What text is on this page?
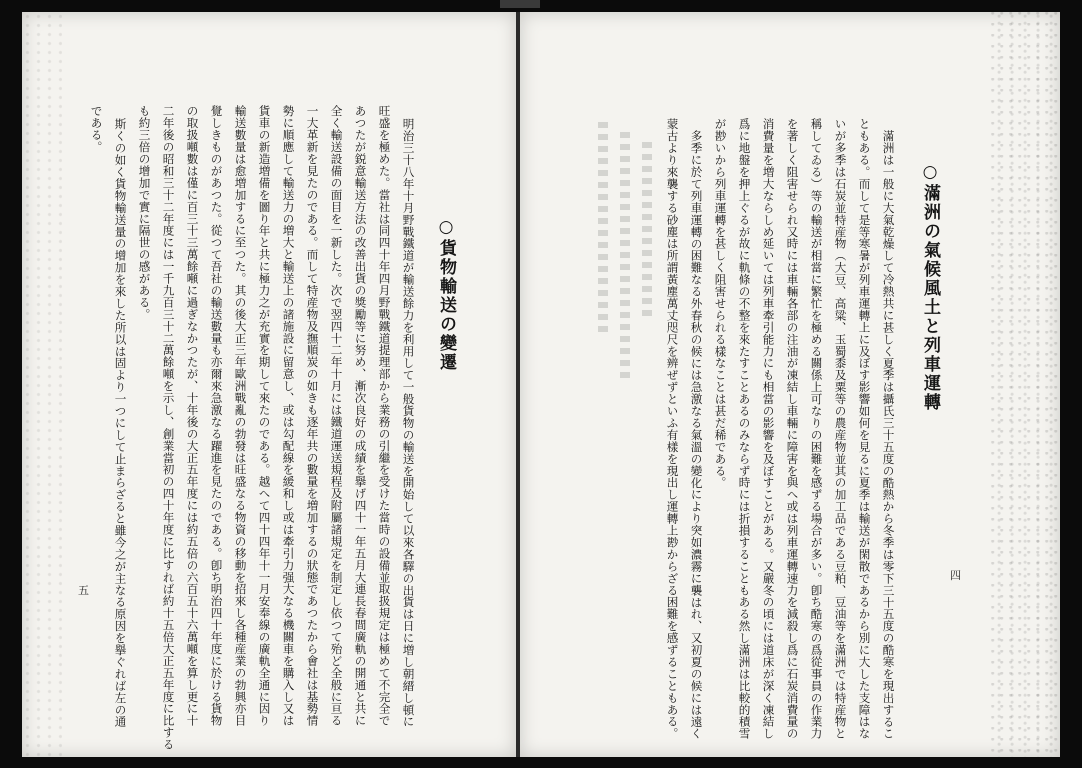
○貨物輸送の變遷
明治三十八年十月野戰鐵道が輸送餘力を利用して一般貨物の輸送を開始して以來各驛の出貨は日に増し朝縉し頓に
旺盛を極めた。當社は同四十年四月野戰鐵道提理部から業務の引繼を受けた當時の設備並取扱規定は極めて不完全で
あつたが鋭意輸送方法の改善出貨の獎勵等に努め、漸次良好の成績を擧げ四十一年五月大連長春間廣軌の開通と共に
全く輸送設備の面目を一新した。次で翌四十二年十月には鐵道運送規程及附屬諸規定を制定し依つて殆ど全般に亘る
一大革新を見たのである。而して特産物及撫順炭の如きも逐年共の數量を増加するの狀態であつたから會社は基勢情
勢に順應して輸送力の増大と輸送上の諸施設に留意し、或は勾配線を緩和し或は牽引力强大なる機關車を購入し又は
貨車の新造増備を圖り年と共に極力之が充實を期して來たのである。越へて四十四年十一月安奉線の廣軌全通に因り
輸送數量は愈増加するに至つた。其の後大正三年歐洲戰亂の勃發は旺盛なる物資の移動を招來し各種産業の勃興亦目
覺しきものがあつた。從つて吾社の輸送數量も亦爾來急激なる躍進を見たのである。卽ち明治四十年度に於ける貨物
の取扱噸數は僅に百三十三萬餘噸に過ぎなかつたが、十年後の大正五年度には約五倍の六百五十六萬噸を算し更に十
二年後の昭和三十二年度には一千九百三十二萬餘噸を示し、創業當初の四十年度に比すれば約十五倍大正五年度に比する
も約三倍の增加で實に隔世の感がある。
斯くの如く貨物輸送量の增加を來した所以は固より一つにして止まらざると雖今之が主なる原因を擧ぐれば左の通
である。
五
○滿洲の氣候風土と列車運轉
滿洲は一般に大氣乾燥して冷熱共に甚しく夏季は攝氏三十五度の酷熱から冬季は零下三十五度の酷寒を現出するこ
ともある。而して是等寒暑が列車運轉上に及ぼす影響如何を見るに夏季は輸送が閑散であるから別に大した支障はな
いが多季は石炭並特産物（大豆、高粱、玉蜀黍及粟等の農産物並其の加工品である豆粕、豆油等を滿洲では特産物と
稱してゐる）等の輸送が相當に繁忙を極める關係上可なりの困難を感ずる場合が多い。卽ち酷寒の爲從事員の作業力
を著しく阻害せられ又時には車輛各部の注油が凍結し車輛に障害を與へ或は列車運轉速力を減殺し爲に石炭消費量の
消費量を増大ならしめ延いては列車牽引能力にも相當の影響を及ぼすことがある。又嚴冬の頃には道床が深く凍結し
爲に地盤を押上ぐるが故に軌條の不整を來たすことあるのみならず時には折損することもある然し滿洲は比較的積雪
が尠いから列車運轉を甚しく阻害せられる樣なことは甚だ稀である。
多季に於て列車運轉の困難なる外春秋の候には急激なる氣溫の變化により突如濃霧に襲はれ、又初夏の候には遠く
蒙古より來襲する砂塵は所謂黃塵萬丈咫尺を辨ぜずといふ有樣を現出し運轉上尠からざる困難を感ずることもある。	四
